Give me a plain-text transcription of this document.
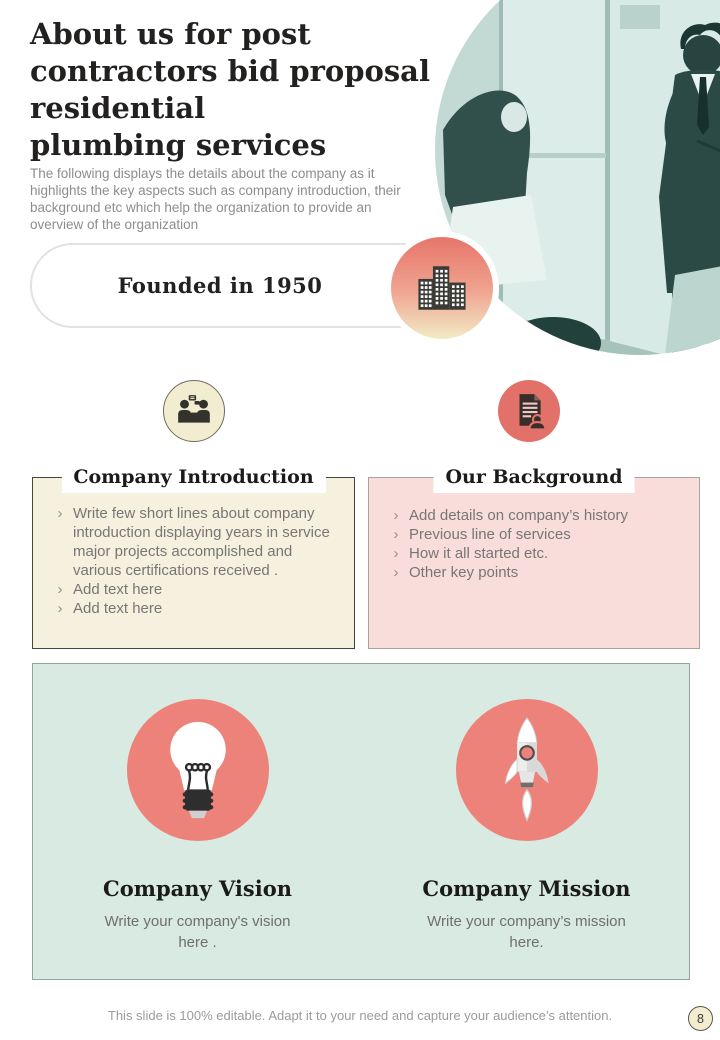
About us for post
contractors bid proposal
residential
plumbing services
The following displays the details about the company as it highlights the key aspects such as company introduction, their background etc which help the organization to provide an overview of the organization
Founded in 1950
Company Introduction
› Write few short lines about company introduction displaying years in service major projects accomplished and various certifications received .
› Add text here
› Add text here
Our Background
› Add details on company’s history
› Previous line of services
› How it all started etc.
› Other key points
Company Vision
Write your company's vision here .
Company Mission
Write your company’s mission here.
This slide is 100% editable. Adapt it to your need and capture your audience’s attention.	8
